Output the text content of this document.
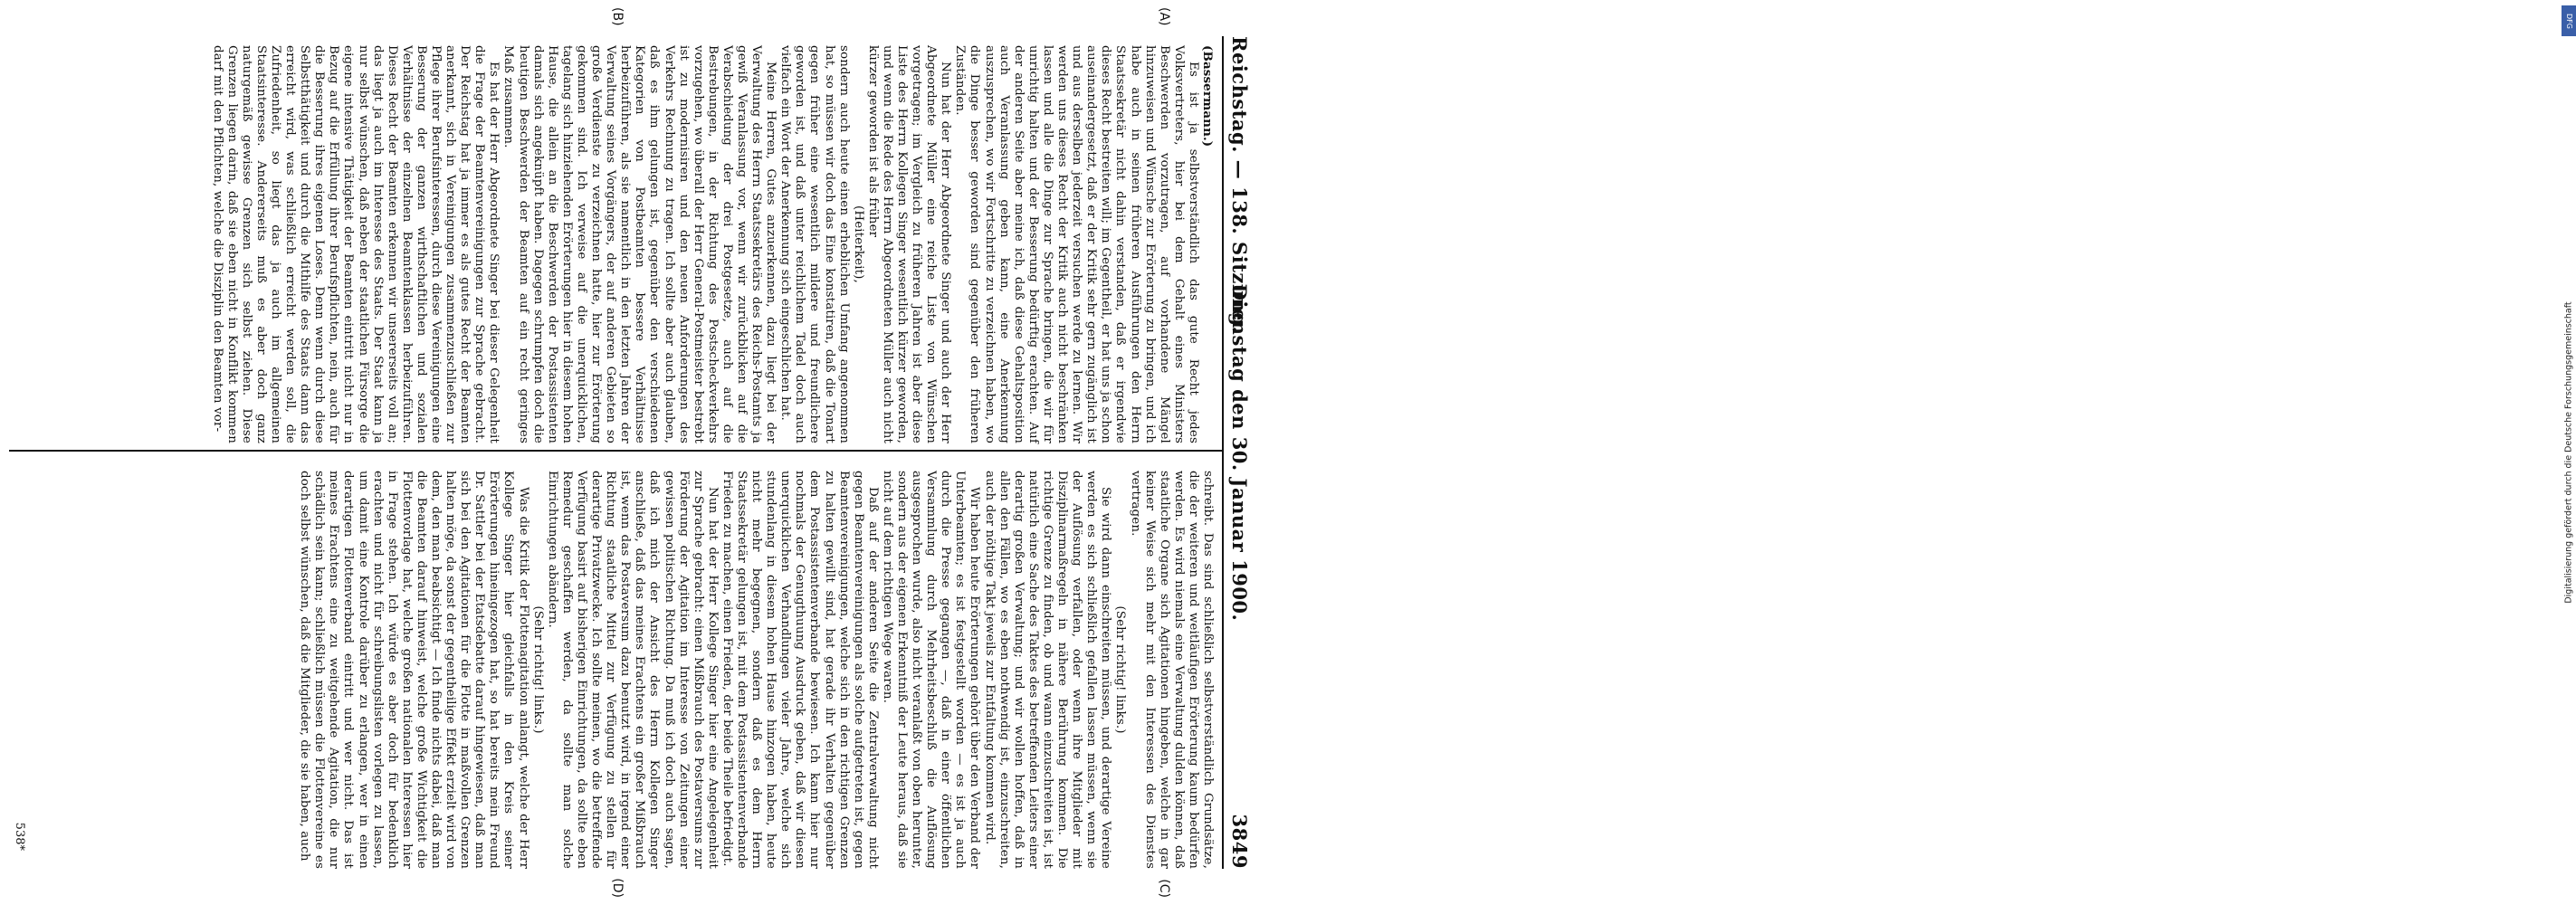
Reichstag. — 138. Sitzung.
Dienstag den 30. Januar 1900.
3849
(A)
(B)
(C)
(D)

(Bassermann.)

Es ist ja selbstverständlich das gute Recht jedes Volksvertreters, hier bei dem Gehalt eines Ministers Beschwerden vorzutragen, auf vorhandene Mängel hinzuweisen und Wünsche zur Erörterung zu bringen, und ich habe auch in seinen früheren Ausführungen den Herrn Staatssekretär nicht dahin verstanden, daß er irgendwie dieses Recht bestreiten will; im Gegentheil, er hat uns ja schon auseinandergesetzt, daß er der Kritik sehr gern zugänglich ist und aus derselben jederzeit versuchen werde zu lernen. Wir werden uns dieses Recht der Kritik auch nicht beschränken lassen und alle die Dinge zur Sprache bringen, die wir für unrichtig halten und der Besserung bedürftig erachten. Auf der anderen Seite aber meine ich, daß diese Gehaltsposition auch Veranlassung geben kann, eine Anerkennung auszusprechen, wo wir Fortschritte zu verzeichnen haben, wo die Dinge besser geworden sind gegenüber den früheren Zuständen.

Nun hat der Herr Abgeordnete Singer und auch der Herr Abgeordnete Müller eine reiche Liste von Wünschen vorgetragen; im Vergleich zu früheren Jahren ist aber diese Liste des Herrn Kollegen Singer wesentlich kürzer geworden, und wenn die Rede des Herrn Abgeordneten Müller auch nicht kürzer geworden ist als früher

(Heiterkeit),

sondern auch heute einen erheblichen Umfang angenommen hat, so müssen wir doch das Eine konstatiren, daß die Tonart gegen früher eine wesentlich mildere und freundlichere geworden ist, und daß unter reichlichem Tadel doch auch vielfach ein Wort der Anerkennung sich eingeschlichen hat.

Meine Herren, Gutes anzuerkennen, dazu liegt bei der Verwaltung des Herrn Staatssekretärs des Reichs-Postamts ja gewiß Veranlassung vor, wenn wir zurückblicken auf die Verabschiedung der drei Postgesetze, auch auf die Bestrebungen, in der Richtung des Postscheckverkehrs vorzugehen, wo überall der Herr General-Postmeister bestrebt ist zu modernisiren und den neuen Anforderungen des Verkehrs Rechnung zu tragen. Ich sollte aber auch glauben, daß es ihm gelungen ist, gegenüber den verschiedenen Kategorien von Postbeamten bessere Verhältnisse herbeizuführen, als sie namentlich in den letzten Jahren der Verwaltung seines Vorgängers, der auf anderen Gebieten so große Verdienste zu verzeichnen hatte, hier zur Erörterung gekommen sind. Ich verweise auf die unerquicklichen, tagelang sich hinziehenden Erörterungen hier in diesem hohen Hause, die allein an die Beschwerden der Postassistenten damals sich angeknüpft haben. Dagegen schrumpfen doch die heutigen Beschwerden der Beamten auf ein recht geringes Maß zusammen.

Es hat der Herr Abgeordnete Singer bei dieser Gelegenheit die Frage der Beamtenvereinigungen zur Sprache gebracht. Der Reichstag hat ja immer es als gutes Recht der Beamten anerkannt, sich in Vereinigungen zusammenzuschließen zur Pflege ihrer Berufsinteressen, durch diese Vereinigungen eine Besserung der ganzen wirthschaftlichen und sozialen Verhältnisse der einzelnen Beamtenklassen herbeizuführen. Dieses Recht der Beamten erkennen wir unsererseits voll an; das liegt ja auch im Interesse des Staats. Der Staat kann ja nur selbst wünschen, daß neben der staatlichen Fürsorge die eigene intensive Thätigkeit der Beamten eintritt nicht nur in Bezug auf die Erfüllung ihrer Berufspflichten, nein, auch für die Besserung ihres eigenen Loses. Denn wenn durch diese Selbstthätigkeit und durch die Mithilfe des Staats dann das erreicht wird, was schließlich erreicht werden soll, die Zufriedenheit, so liegt das ja auch im allgemeinen Staatsinteresse. Andererseits muß es aber doch ganz naturgemäß gewisse Grenzen sich selbst ziehen. Diese Grenzen liegen darin, daß sie eben nicht in Konflikt kommen darf mit den Pflichten, welche die Disziplin den Beamten vor-

schreibt. Das sind schließlich selbstverständlich Grundsätze, die der weiteren und weitläufigen Erörterung kaum bedürfen werden. Es wird niemals eine Verwaltung dulden können, daß staatliche Organe sich Agitationen hingeben, welche in gar keiner Weise sich mehr mit den Interessen des Dienstes vertragen.

(Sehr richtig! links.)

Sie wird dann einschreiten müssen, und derartige Vereine werden es sich schließlich gefallen lassen müssen, wenn sie der Auflösung verfallen, oder wenn ihre Mitglieder mit Disziplinarmaßregeln in nähere Berührung kommen. Die richtige Grenze zu finden, ob und wann einzuschreiten ist, ist natürlich eine Sache des Taktes des betreffenden Leiters einer derartig großen Verwaltung; und wir wollen hoffen, daß in allen den Fällen, wo es eben nothwendig ist, einzuschreiten, auch der nöthige Takt jeweils zur Entfaltung kommen wird.

Wir haben heute Erörterungen gehört über den Verband der Unterbeamten; es ist festgestellt worden — es ist ja auch durch die Presse gegangen —, daß in einer öffentlichen Versammlung durch Mehrheitsbeschluß die Auflösung ausgesprochen wurde, also nicht veranlaßt von oben herunter, sondern aus der eigenen Erkenntniß der Leute heraus, daß sie nicht auf dem richtigen Wege waren.

Daß auf der anderen Seite die Zentralverwaltung nicht gegen Beamtenvereinigungen als solche aufgetreten ist, gegen Beamtenvereinigungen, welche sich in den richtigen Grenzen zu halten gewillt sind, hat gerade ihr Verhalten gegenüber dem Postassistentenverbande bewiesen. Ich kann hier nur nochmals der Genugthuung Ausdruck geben, daß wir diesen unerquicklichen Verhandlungen vieler Jahre, welche sich stundenlang in diesem hohen Hause hinzogen haben, heute nicht mehr begegnen, sondern daß es dem Herrn Staatssekretär gelungen ist, mit dem Postassistentenverbande Frieden zu machen, einen Frieden, der beide Theile befriedigt.

Nun hat der Herr Kollege Singer hier eine Angelegenheit zur Sprache gebracht: einen Mißbrauch des Postaversums zur Förderung der Agitation im Interesse von Zeitungen einer gewissen politischen Richtung. Da muß ich doch auch sagen, daß ich mich der Ansicht des Herrn Kollegen Singer anschließe, daß das meines Erachtens ein großer Mißbrauch ist, wenn das Postaversum dazu benutzt wird, in irgend einer Richtung staatliche Mittel zur Verfügung zu stellen für derartige Privatzwecke. Ich sollte meinen, wo die betreffende Verfügung basirt auf bisherigen Einrichtungen, da sollte eben Remedur geschaffen werden, da sollte man solche Einrichtungen abändern.

(Sehr richtig! links.)

Was die Kritik der Flottenagitation anlangt, welche der Herr Kollege Singer hier gleichfalls in den Kreis seiner Erörterungen hineingezogen hat, so hat bereits mein Freund Dr. Sattler bei der Etatsdebatte darauf hingewiesen, daß man sich bei den Agitationen für die Flotte in maßvollen Grenzen halten möge, da sonst der gegentheilige Effekt erzielt wird von dem, den man beabsichtigt — Ich finde nichts dabei, daß man die Beamten darauf hinweist, welche große Wichtigkeit die Flottenvorlage hat, welche großen nationalen Interessen hier in Frage stehen. Ich würde es aber doch für bedenklich erachten und nicht für schreibungslisten vorlegen zu lassen, um damit eine Kontrole darüber zu erlangen, wer in einen derartigen Flottenverband eintritt und wer nicht. Das ist meines Erachtens eine zu weitgehende Agitation, die nur schädlich sein kann; schließlich müssen die Flottenvereine es doch selbst wünschen, daß die Mitglieder, die sie haben, auch

538*
DFG
Digitalisierung gefördert durch die Deutsche Forschungsgemeinschaft
